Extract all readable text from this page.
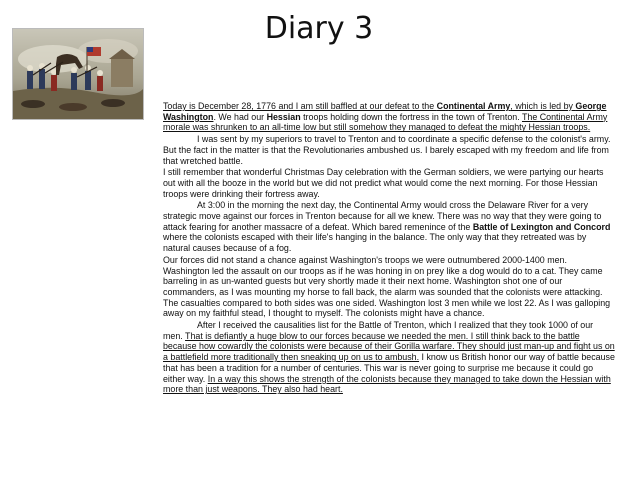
Diary 3

Today is December 28, 1776 and I am still baffled at our defeat to the Continental Army, which is led by George Washington. We had our Hessian troops holding down the fortress in the town of Trenton. The Continental Army morale was shrunken to an all-time low but still somehow they managed to defeat the mighty Hessian troops.

I was sent by my superiors to travel to Trenton and to coordinate a specific defense to the colonist's army. But the fact in the matter is that the Revolutionaries ambushed us. I barely escaped with my freedom and life from that wretched battle.

I still remember that wonderful Christmas Day celebration with the German soldiers, we were partying our hearts out with all the booze in the world but we did not predict what would come the next morning. For those Hessian troops were drinking their fortress away.

At 3:00 in the morning the next day, the Continental Army would cross the Delaware River for a very strategic move against our forces in Trenton because for all we knew. There was no way that they were going to attack fearing for another massacre of a defeat. Which bared remenince of the Battle of Lexington and Concord where the colonists escaped with their life's hanging in the balance. The only way that they retreated was by natural causes because of a fog.

Our forces did not stand a chance against Washington's troops we were outnumbered 2000-1400 men. Washington led the assault on our troops as if he was honing in on prey like a dog would do to a cat. They came barreling in as un-wanted guests but very shortly made it their next home. Washington shot one of our commanders, as I was mounting my horse to fall back, the alarm was sounded that the colonists were attacking. The casualties compared to both sides was one sided. Washington lost 3 men while we lost 22. As I was galloping away on my faithful stead, I thought to myself. The colonists might have a chance.

After I received the causalities list for the Battle of Trenton, which I realized that they took 1000 of our men. That is defiantly a huge blow to our forces because we needed the men. I still think back to the battle because how cowardly the colonists were because of their Gorilla warfare. They should just man-up and fight us on a battlefield more traditionally then sneaking up on us to ambush. I know us British honor our way of battle because that has been a tradition for a number of centuries. This war is never going to surprise me because it could go either way. In a way this shows the strength of the colonists because they managed to take down the Hessian with more than just weapons. They also had heart.
